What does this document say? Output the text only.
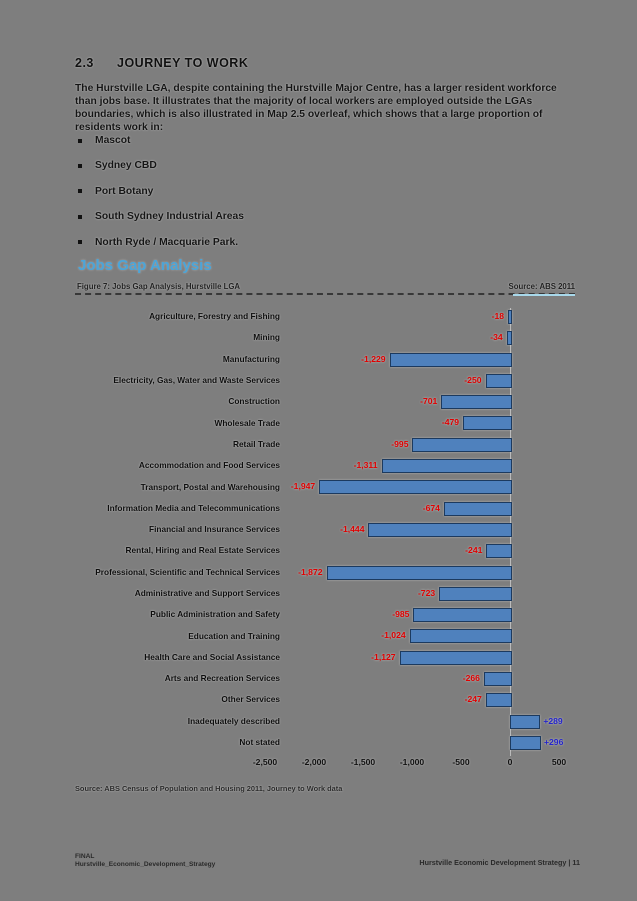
2.3 JOURNEY TO WORK

The Hurstville LGA, despite containing the Hurstville Major Centre, has a larger resident workforce than jobs base. It illustrates that the majority of local workers are employed outside the LGAs boundaries, which is also illustrated in Map 2.5 overleaf, which shows that a large proportion of residents work in:

Mascot
Sydney CBD
Port Botany
South Sydney Industrial Areas
North Ryde / Macquarie Park.
Jobs Gap Analysis
Figure 7: Jobs Gap Analysis, Hurstville LGA	Source: ABS 2011
Agriculture, Forestry and Fishing	-18
Mining	-34
Manufacturing	-1,229
Electricity, Gas, Water and Waste Services	-250
Construction	-701
Wholesale Trade	-479
Retail Trade	-995
Accommodation and Food Services	-1,311
Transport, Postal and Warehousing -1,947
Information Media and Telecommunications	-674
Financial and Insurance Services	-1,444
Rental, Hiring and Real Estate Services	-241
Professional, Scientific and Technical Services -1,872
Administrative and Support Services	-723
Public Administration and Safety	-985
Education and Training	-1,024
Health Care and Social Assistance	-1,127
Arts and Recreation Services	-266
Other Services	-247
Inadequately described	+289
Not stated	+296
-2,500	-2,000	-1,500	-1,000	-500	0	500
Source: ABS Census of Population and Housing 2011, Journey to Work data
FINAL
Hurstville_Economic_Development_Strategy	Hurstville Economic Development Strategy | 11
